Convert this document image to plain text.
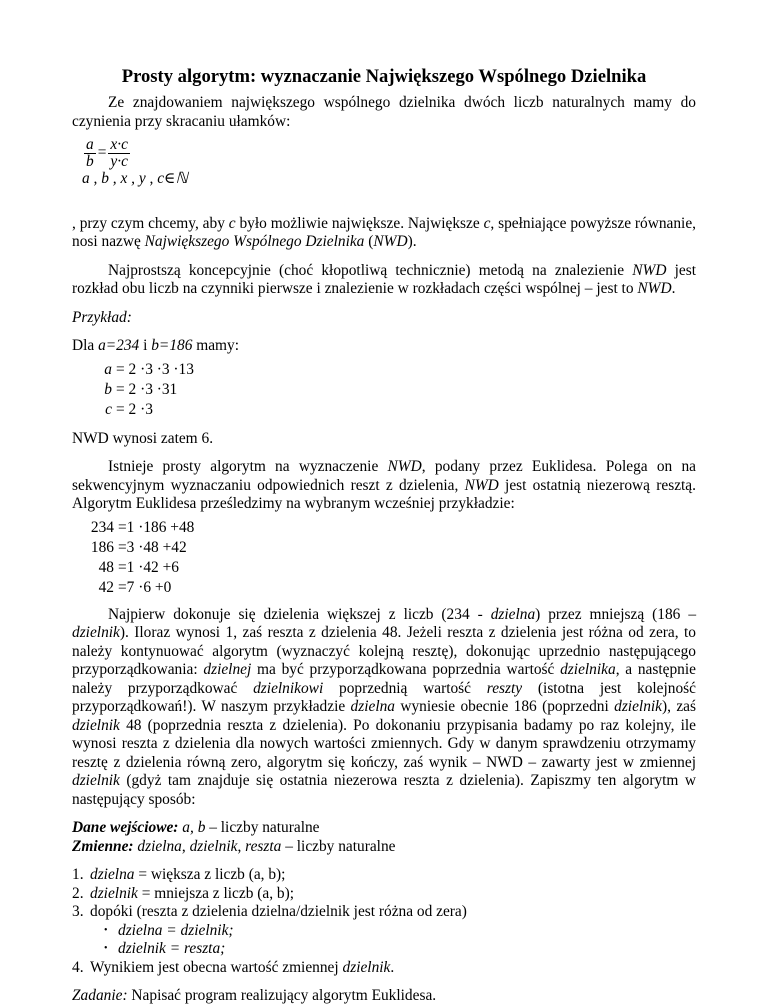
Prosty algorytm: wyznaczanie Największego Wspólnego Dzielnika

Ze znajdowaniem największego wspólnego dzielnika dwóch liczb naturalnych mamy do czynienia przy skracaniu ułamków:

$\frac{a}{b} = \frac{x\cdot c}{y\cdot c}$
a , b , x , y , c∈ℕ

, przy czym chcemy, aby c było możliwie największe. Największe c, spełniające powyższe równanie, nosi nazwę Największego Wspólnego Dzielnika (NWD).

Najprostszą koncepcyjnie (choć kłopotliwą technicznie) metodą na znalezienie NWD jest rozkład obu liczb na czynniki pierwsze i znalezienie w rozkładach części wspólnej – jest to NWD.

Przykład:

Dla a=234 i b=186 mamy:

a = 2 ·3 ·3 ·13
b = 2 ·3 ·31
c = 2 ·3

NWD wynosi zatem 6.

Istnieje prosty algorytm na wyznaczenie NWD, podany przez Euklidesa. Polega on na sekwencyjnym wyznaczaniu odpowiednich reszt z dzielenia, NWD jest ostatnią niezerową resztą. Algorytm Euklidesa prześledzimy na wybranym wcześniej przykładzie:

234 =1 ·186 +48
186 =3 ·48 +42
48 =1 ·42 +6
42 =7 ·6 +0

Najpierw dokonuje się dzielenia większej z liczb (234 - dzielna) przez mniejszą (186 – dzielnik). Iloraz wynosi 1, zaś reszta z dzielenia 48. Jeżeli reszta z dzielenia jest różna od zera, to należy kontynuować algorytm (wyznaczyć kolejną resztę), dokonując uprzednio następującego przyporządkowania: dzielnej ma być przyporządkowana poprzednia wartość dzielnika, a następnie należy przyporządkować dzielnikowi poprzednią wartość reszty (istotna jest kolejność przyporządkowań!). W naszym przykładzie dzielna wyniesie obecnie 186 (poprzedni dzielnik), zaś dzielnik 48 (poprzednia reszta z dzielenia). Po dokonaniu przypisania badamy po raz kolejny, ile wynosi reszta z dzielenia dla nowych wartości zmiennych. Gdy w danym sprawdzeniu otrzymamy resztę z dzielenia równą zero, algorytm się kończy, zaś wynik – NWD – zawarty jest w zmiennej dzielnik (gdyż tam znajduje się ostatnia niezerowa reszta z dzielenia). Zapiszmy ten algorytm w następujący sposób:

Dane wejściowe: a, b – liczby naturalne

Zmienne: dzielna, dzielnik, reszta – liczby naturalne

1. dzielna = większa z liczb (a, b);
2. dzielnik = mniejsza z liczb (a, b);
3. dopóki (reszta z dzielenia dzielna/dzielnik jest różna od zera)
• dzielna = dzielnik;
• dzielnik = reszta;
4. Wynikiem jest obecna wartość zmiennej dzielnik.

Zadanie: Napisać program realizujący algorytm Euklidesa.
